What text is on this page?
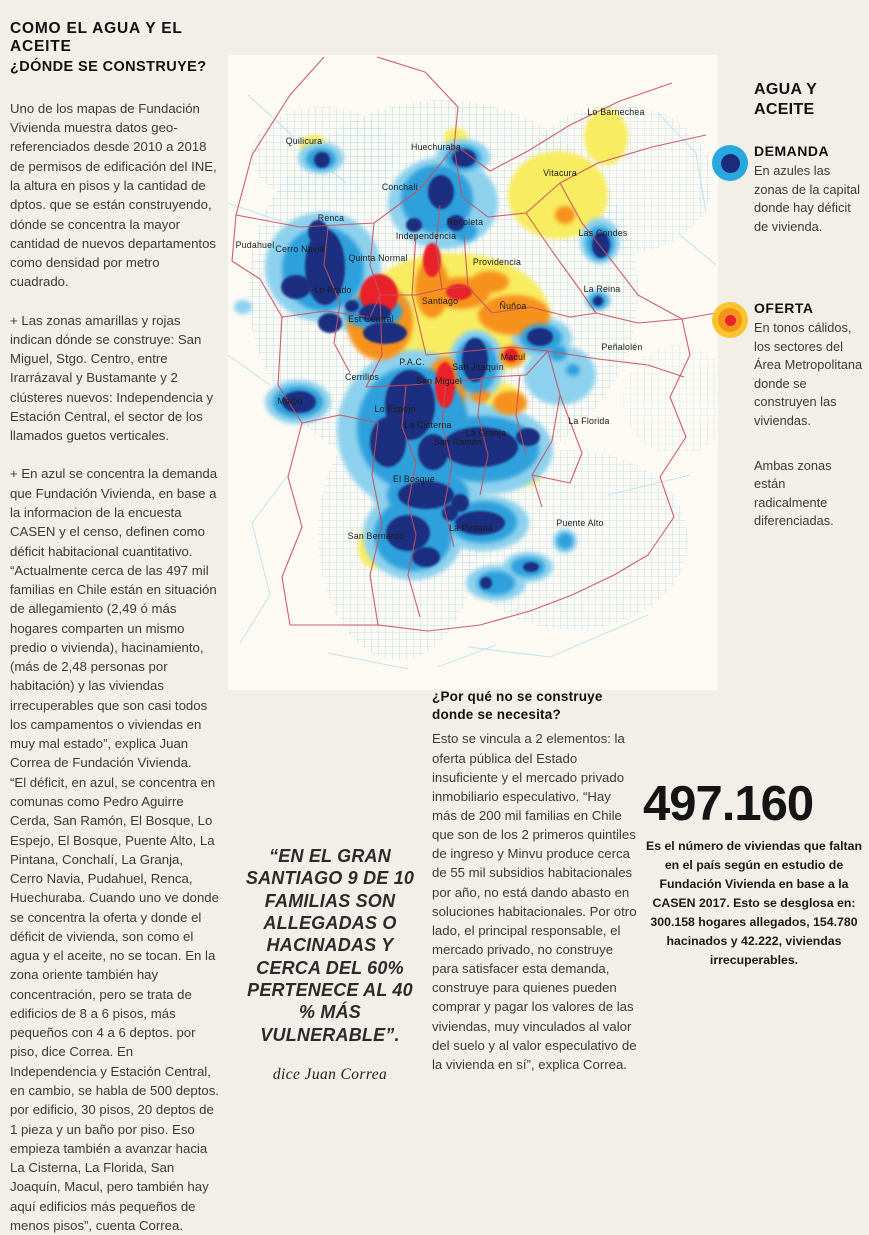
COMO EL AGUA Y EL ACEITE
¿DÓNDE SE CONSTRUYE?

Uno de los mapas de Fundación Vivienda muestra datos geo-referenciados desde 2010 a 2018 de permisos de edificación del INE, la altura en pisos y la cantidad de dptos. que se están construyendo, dónde se concentra la mayor cantidad de nuevos departamentos como densidad por metro cuadrado.

+ Las zonas amarillas y rojas indican dónde se construye: San Miguel, Stgo. Centro, entre Irarrázaval y Bustamante y 2 clústeres nuevos: Independencia y Estación Central, el sector de los llamados guetos verticales.

+ En azul se concentra la demanda que Fundación Vivienda, en base a la informacion de la encuesta CASEN y el censo, definen como déficit habitacional cuantitativo. “Actualmente cerca de las 497 mil familias en Chile están en situación de allegamiento (2,49 ó más hogares comparten un mismo predio o vivienda), hacinamiento, (más de 2,48 personas por habitación) y las viviendas irrecuperables que son casi todos los campamentos o viviendas en muy mal estado”, explica Juan Correa de Fundación Vivienda.

“El déficit, en azul, se concentra en comunas como Pedro Aguirre Cerda, San Ramón, El Bosque, Lo Espejo, El Bosque, Puente Alto, La Pintana, Conchalí, La Granja, Cerro Navia, Pudahuel, Renca, Huechuraba. Cuando uno ve donde se concentra la oferta y donde el déficit de vivienda, son como el agua y el aceite, no se tocan. En la zona oriente también hay concentración, pero se trata de edificios de 8 a 6 pisos, más pequeños con 4 a 6 deptos. por piso, dice Correa. En Independencia y Estación Central, en cambio, se habla de 500 deptos. por edificio, 30 pisos, 20 deptos de 1 pieza y un baño por piso. Eso empieza también a avanzar hacia La Cisterna, La Florida, San Joaquín, Macul, pero también hay aquí edificios más pequeños de menos pisos”, cuenta Correa.

Quilicura
Huechuraba
Lo Barnechea
Conchalí
Vitacura
Recoleta
Renca
Pudahuel Cerro Navia
Independencia
Quinta Normal
Las Condes
Providencia
Lo Prado
Santiago
La Reina
Ñuñoa
Est Central
Peñalolén
Macul
San Joaquín
P.A.C.
San Miguel
Cerrillos
Maipú
Lo Espejo
La Cisterna
La Granja
San Ramón
La Florida
El Bosque
La Pintana	Puente Alto
San Bernardo
AGUA Y ACEITE
DEMANDA
En azules las zonas de la capital donde hay déficit de vivienda.
OFERTA
En tonos cálidos, los sectores del Área Metropolitana donde se construyen las viviendas.
Ambas zonas están radicalmente diferenciadas.
“EN EL GRAN SANTIAGO 9 DE 10 FAMILIAS SON ALLEGADAS O HACINADAS Y CERCA DEL 60% PERTENECE AL 40 % MÁS VULNERABLE”.
dice Juan Correa
¿Por qué no se construye donde se necesita?

Esto se vincula a 2 elementos: la oferta pública del Estado insuficiente y el mercado privado inmobiliario especulativo. “Hay más de 200 mil familias en Chile que son de los 2 primeros quintiles de ingreso y Minvu produce cerca de 55 mil subsidios habitacionales por año, no está dando abasto en soluciones habitacionales. Por otro lado, el principal responsable, el mercado privado, no construye para satisfacer esta demanda, construye para quienes pueden comprar y pagar los valores de las viviendas, muy vinculados al valor del suelo y al valor especulativo de la vivienda en sí”, explica Correa.

497.160
Es el número de viviendas que faltan en el país según en estudio de Fundación Vivienda en base a la CASEN 2017. Esto se desglosa en: 300.158 hogares allegados, 154.780 hacinados y 42.222, viviendas irrecuperables.
